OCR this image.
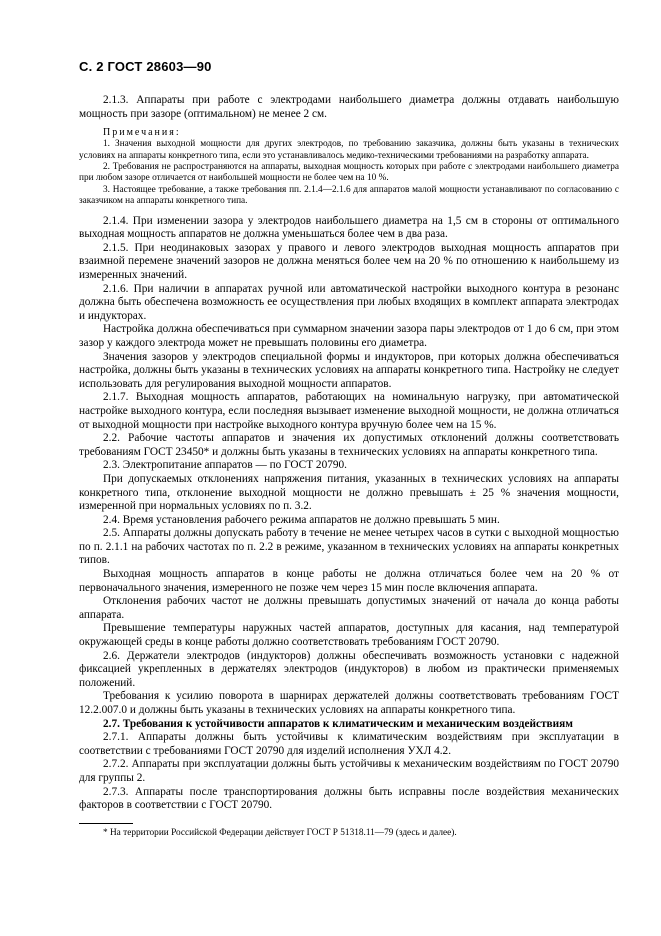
С. 2 ГОСТ 28603—90

2.1.3. Аппараты при работе с электродами наибольшего диаметра должны отдавать наибольшую мощность при зазоре (оптимальном) не менее 2 см.

Примечания:

1. Значения выходной мощности для других электродов, по требованию заказчика, должны быть указаны в технических условиях на аппараты конкретного типа, если это устанавливалось медико-техническими требованиями на разработку аппарата.

2. Требования не распространяются на аппараты, выходная мощность которых при работе с электродами наибольшего диаметра при любом зазоре отличается от наибольшей мощности не более чем на 10 %.

3. Настоящее требование, а также требования пп. 2.1.4—2.1.6 для аппаратов малой мощности устанавливают по согласованию с заказчиком на аппараты конкретного типа.

2.1.4. При изменении зазора у электродов наибольшего диаметра на 1,5 см в стороны от оптимального выходная мощность аппаратов не должна уменьшаться более чем в два раза.

2.1.5. При неодинаковых зазорах у правого и левого электродов выходная мощность аппаратов при взаимной перемене значений зазоров не должна меняться более чем на 20 % по отношению к наибольшему из измеренных значений.

2.1.6. При наличии в аппаратах ручной или автоматической настройки выходного контура в резонанс должна быть обеспечена возможность ее осуществления при любых входящих в комплект аппарата электродах и индукторах.

Настройка должна обеспечиваться при суммарном значении зазора пары электродов от 1 до 6 см, при этом зазор у каждого электрода может не превышать половины его диаметра.

Значения зазоров у электродов специальной формы и индукторов, при которых должна обеспечиваться настройка, должны быть указаны в технических условиях на аппараты конкретного типа. Настройку не следует использовать для регулирования выходной мощности аппаратов.

2.1.7. Выходная мощность аппаратов, работающих на номинальную нагрузку, при автоматической настройке выходного контура, если последняя вызывает изменение выходной мощности, не должна отличаться от выходной мощности при настройке выходного контура вручную более чем на 15 %.

2.2. Рабочие частоты аппаратов и значения их допустимых отклонений должны соответствовать требованиям ГОСТ 23450* и должны быть указаны в технических условиях на аппараты конкретного типа.

2.3. Электропитание аппаратов — по ГОСТ 20790.

При допускаемых отклонениях напряжения питания, указанных в технических условиях на аппараты конкретного типа, отклонение выходной мощности не должно превышать ± 25 % значения мощности, измеренной при нормальных условиях по п. 3.2.

2.4. Время установления рабочего режима аппаратов не должно превышать 5 мин.

2.5. Аппараты должны допускать работу в течение не менее четырех часов в сутки с выходной мощностью по п. 2.1.1 на рабочих частотах по п. 2.2 в режиме, указанном в технических условиях на аппараты конкретных типов.

Выходная мощность аппаратов в конце работы не должна отличаться более чем на 20 % от первоначального значения, измеренного не позже чем через 15 мин после включения аппарата.

Отклонения рабочих частот не должны превышать допустимых значений от начала до конца работы аппарата.

Превышение температуры наружных частей аппаратов, доступных для касания, над температурой окружающей среды в конце работы должно соответствовать требованиям ГОСТ 20790.

2.6. Держатели электродов (индукторов) должны обеспечивать возможность установки с надежной фиксацией укрепленных в держателях электродов (индукторов) в любом из практически применяемых положений.

Требования к усилию поворота в шарнирах держателей должны соответствовать требованиям ГОСТ 12.2.007.0 и должны быть указаны в технических условиях на аппараты конкретного типа.

2.7. Требования к устойчивости аппаратов к климатическим и механическим воздействиям

2.7.1. Аппараты должны быть устойчивы к климатическим воздействиям при эксплуатации в соответствии с требованиями ГОСТ 20790 для изделий исполнения УХЛ 4.2.

2.7.2. Аппараты при эксплуатации должны быть устойчивы к механическим воздействиям по ГОСТ 20790 для группы 2.

2.7.3. Аппараты после транспортирования должны быть исправны после воздействия механических факторов в соответствии с ГОСТ 20790.

* На территории Российской Федерации действует ГОСТ Р 51318.11—79 (здесь и далее).
